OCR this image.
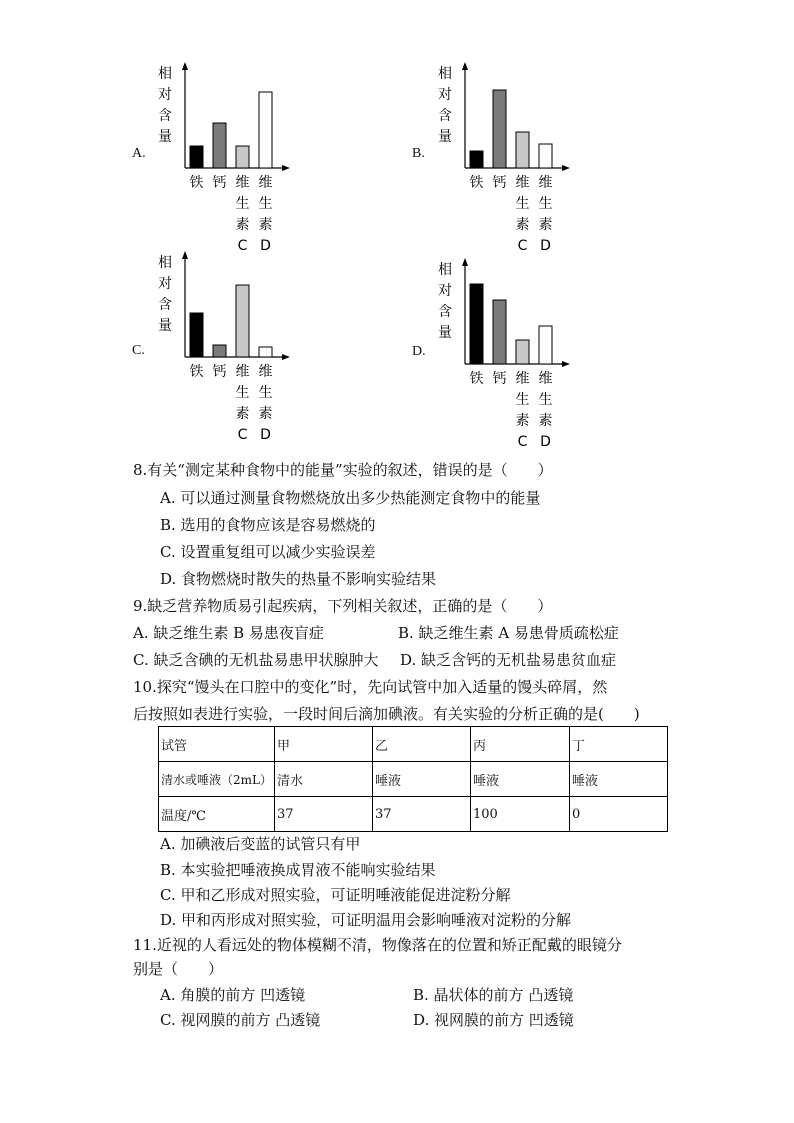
A.
相
对
含
量
铁 钙 维
生
素
C
维
生
素
D
B.
相
对
含
量
铁 钙 维
生
素
C
维
生
素
D
C.
相
对
含
量
铁 钙 维
生
素
C
维
生
素
D
D.
相
对
含
量
铁 钙 维
生
素
C
维
生
素
D
8.有关“测定某种食物中的能量”实验的叙述，错误的是（　　）
A. 可以通过测量食物燃烧放出多少热能测定食物中的能量
B. 选用的食物应该是容易燃烧的
C. 设置重复组可以减少实验误差
D. 食物燃烧时散失的热量不影响实验结果
9.缺乏营养物质易引起疾病，下列相关叙述，正确的是（　　）
A. 缺乏维生素 B 易患夜盲症	B. 缺乏维生素 A 易患骨质疏松症
C. 缺乏含碘的无机盐易患甲状腺肿大 D. 缺乏含钙的无机盐易患贫血症
10.探究“馒头在口腔中的变化”时，先向试管中加入适量的馒头碎屑，然
后按照如表进行实验，一段时间后滴加碘液。有关实验的分析正确的是(　　)
试管	甲	乙	丙	丁
清水或唾液（2mL）	清水	唾液	唾液	唾液
温度/℃	37	37	100	0
A. 加碘液后变蓝的试管只有甲
B. 本实验把唾液换成胃液不能响实验结果
C. 甲和乙形成对照实验，可证明唾液能促进淀粉分解
D. 甲和丙形成对照实验，可证明温用会影响唾液对淀粉的分解
11.近视的人看远处的物体模糊不清，物像落在的位置和矫正配戴的眼镜分
别是（　　）
A. 角膜的前方 凹透镜	B. 晶状体的前方 凸透镜
C. 视网膜的前方 凸透镜	D. 视网膜的前方 凹透镜
